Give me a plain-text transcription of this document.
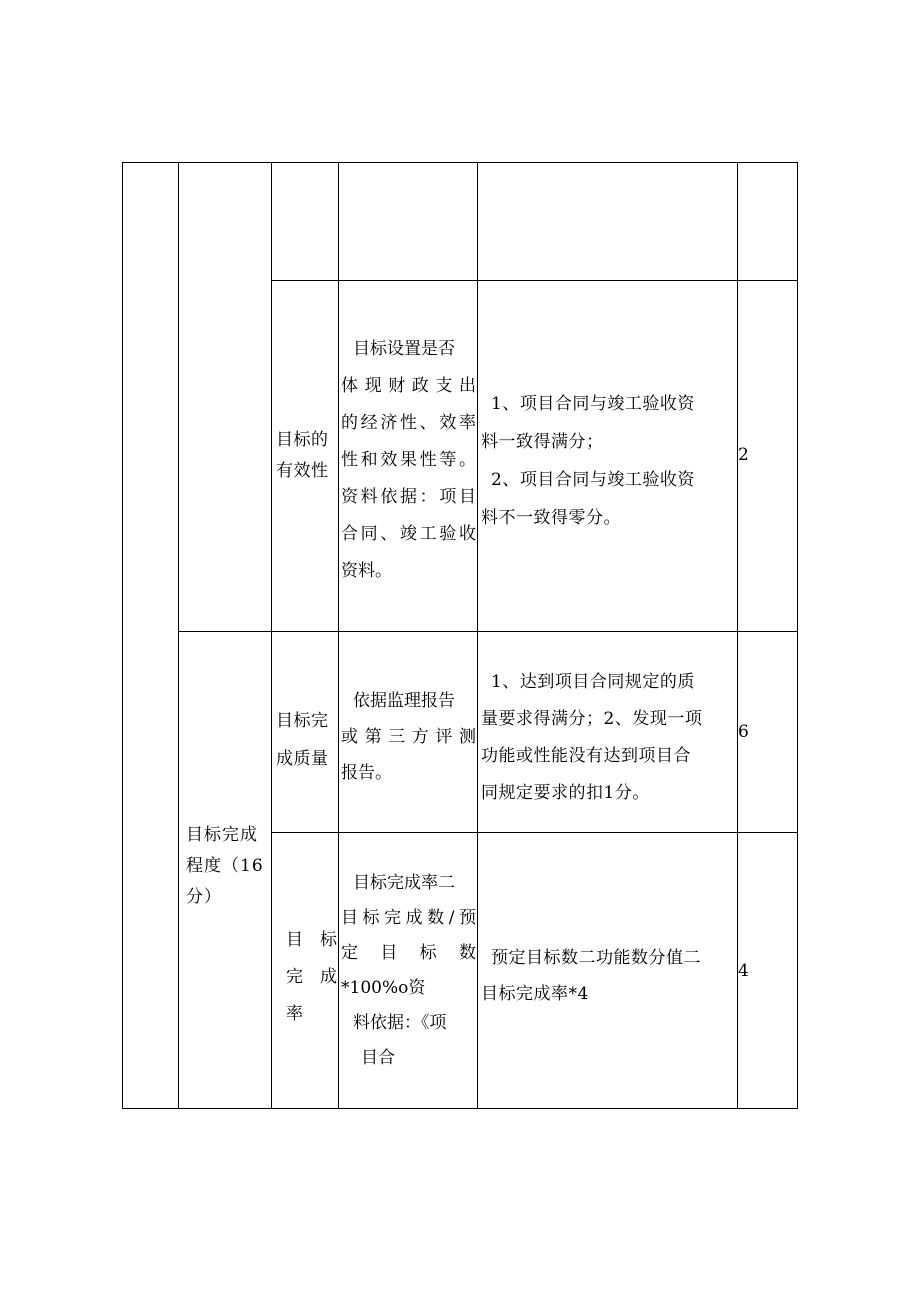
目标完成
程度（16
分）
目标的
有效性
目标设置是否
体现财政支出
的经济性、效率
性和效果性等。
资料依据：项目
合同、竣工验收
资料。
1、项目合同与竣工验收资
料一致得满分；
2、项目合同与竣工验收资
料不一致得零分。
2
目标完
成质量
依据监理报告
或第三方评测
报告。
1、达到项目合同规定的质
量要求得满分；2、发现一项
功能或性能没有达到项目合
同规定要求的扣1分。
6
目　标
完　成
率
目标完成率二
目标完成数/预
定　目　标　数
*100%o资
料依据：《项
目合
预定目标数二功能数分值二
目标完成率*4
4
